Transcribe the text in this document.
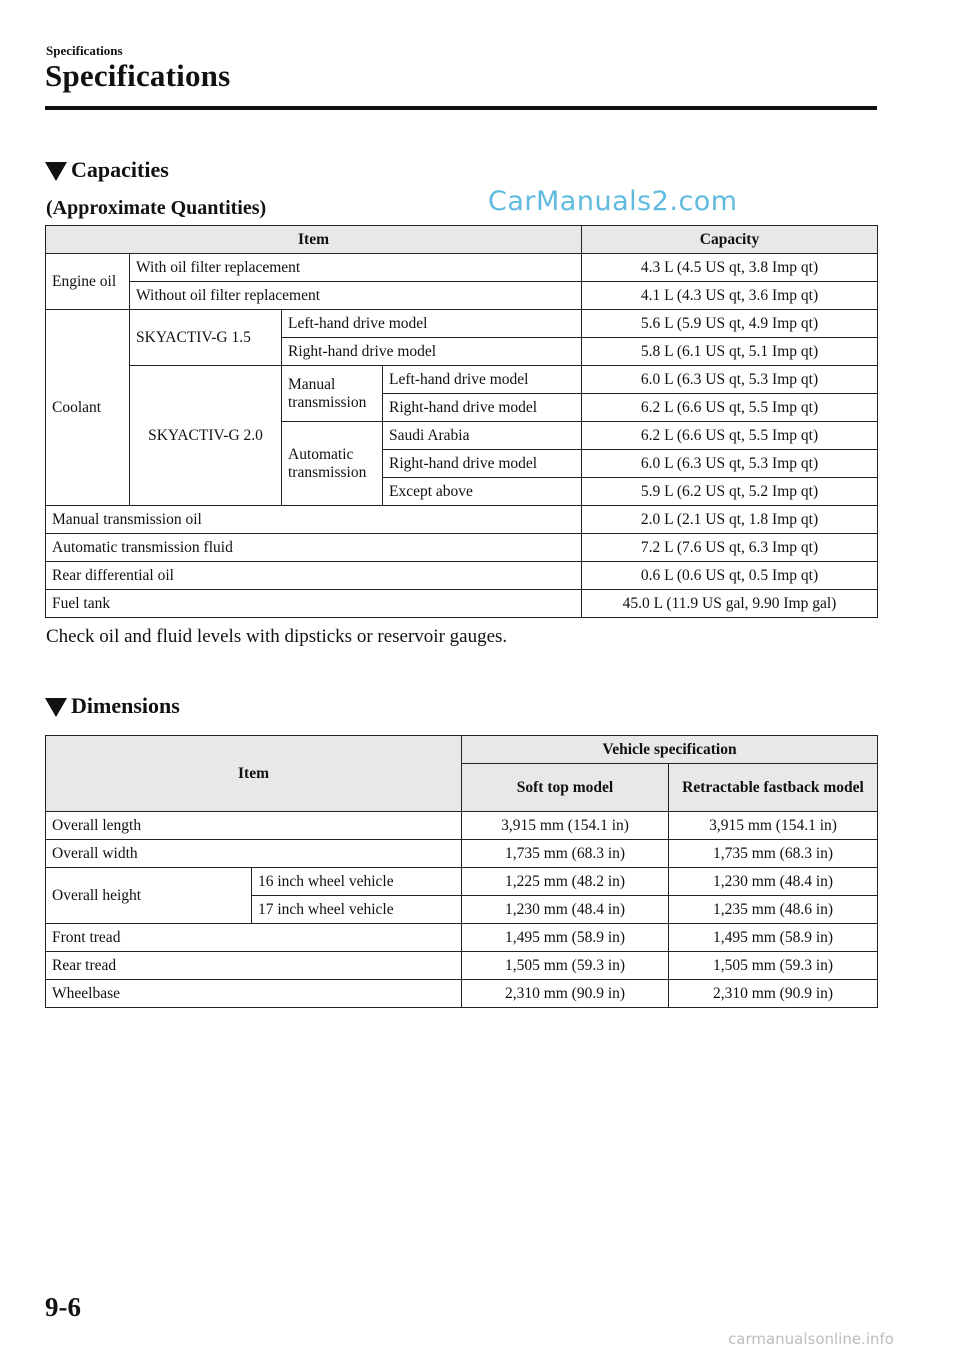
Specifications
Specifications
Capacities
(Approximate Quantities)	CarManuals2.com
Item				Capacity
Engine oil	With oil filter replacement			4.3 L (4.5 US qt, 3.8 Imp qt)
	Without oil filter replacement			4.1 L (4.3 US qt, 3.6 Imp qt)
Coolant	SKYACTIV-G 1.5	Left-hand drive model		5.6 L (5.9 US qt, 4.9 Imp qt)
		Right-hand drive model		5.8 L (6.1 US qt, 5.1 Imp qt)
	SKYACTIV-G 2.0	Manual transmission	Left-hand drive model	6.0 L (6.3 US qt, 5.3 Imp qt)
			Right-hand drive model	6.2 L (6.6 US qt, 5.5 Imp qt)
		Automatic transmission	Saudi Arabia	6.2 L (6.6 US qt, 5.5 Imp qt)
			Right-hand drive model	6.0 L (6.3 US qt, 5.3 Imp qt)
			Except above	5.9 L (6.2 US qt, 5.2 Imp qt)
Manual transmission oil				2.0 L (2.1 US qt, 1.8 Imp qt)
Automatic transmission fluid				7.2 L (7.6 US qt, 6.3 Imp qt)
Rear differential oil				0.6 L (0.6 US qt, 0.5 Imp qt)
Fuel tank				45.0 L (11.9 US gal, 9.90 Imp gal)
Check oil and fluid levels with dipsticks or reservoir gauges.
Dimensions
Item		Vehicle specification	
		Soft top model	Retractable fastback model
Overall length		3,915 mm (154.1 in)	3,915 mm (154.1 in)
Overall width		1,735 mm (68.3 in)	1,735 mm (68.3 in)
Overall height	16 inch wheel vehicle	1,225 mm (48.2 in)	1,230 mm (48.4 in)
	17 inch wheel vehicle	1,230 mm (48.4 in)	1,235 mm (48.6 in)
Front tread		1,495 mm (58.9 in)	1,495 mm (58.9 in)
Rear tread		1,505 mm (59.3 in)	1,505 mm (59.3 in)
Wheelbase		2,310 mm (90.9 in)	2,310 mm (90.9 in)
9-6
carmanualsonline.info
